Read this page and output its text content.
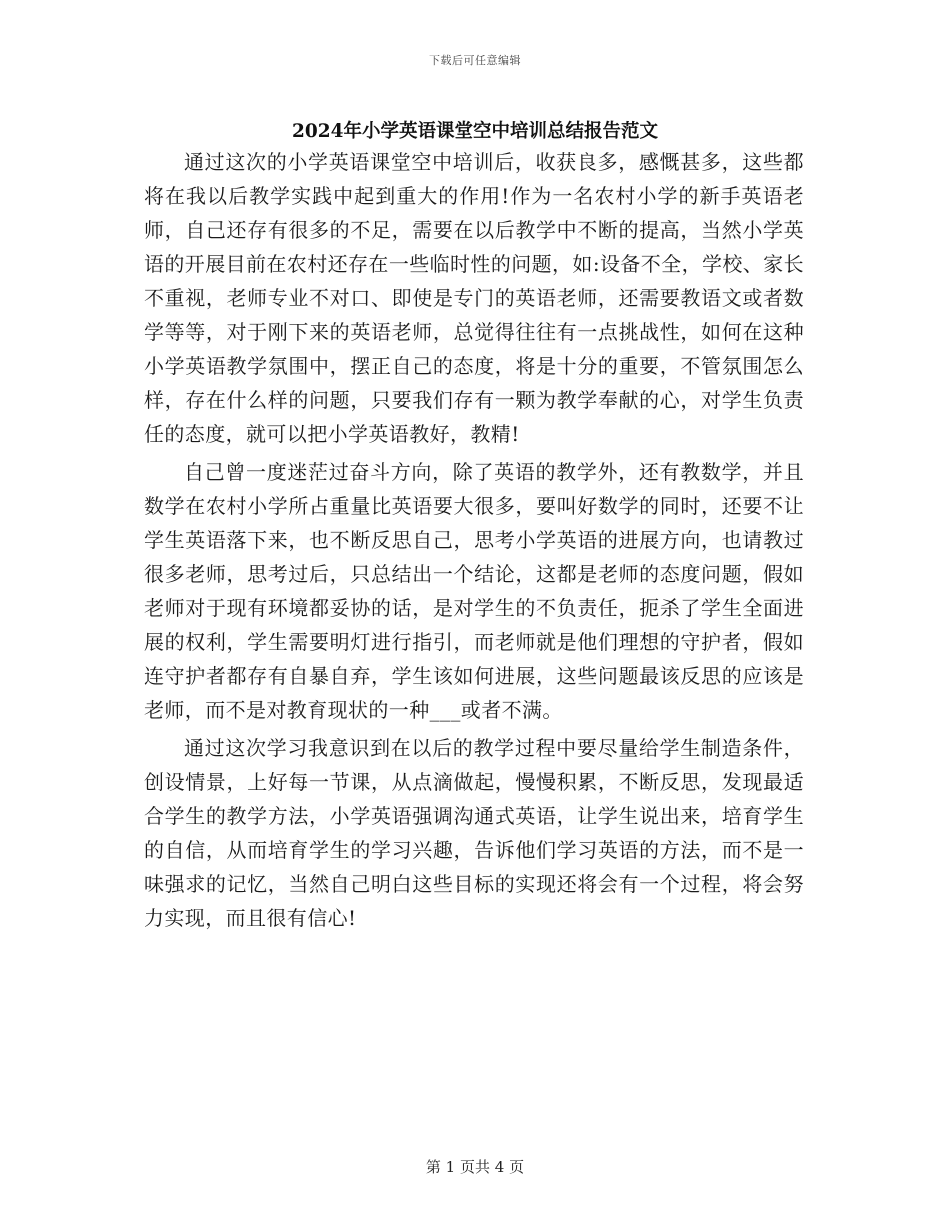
下载后可任意编辑
2024年小学英语课堂空中培训总结报告范文

通过这次的小学英语课堂空中培训后，收获良多，感慨甚多，这些都将在我以后教学实践中起到重大的作用!作为一名农村小学的新手英语老师，自己还存有很多的不足，需要在以后教学中不断的提高，当然小学英语的开展目前在农村还存在一些临时性的问题，如:设备不全，学校、家长不重视，老师专业不对口、即使是专门的英语老师，还需要教语文或者数学等等，对于刚下来的英语老师，总觉得往往有一点挑战性，如何在这种小学英语教学氛围中，摆正自己的态度，将是十分的重要，不管氛围怎么样，存在什么样的问题，只要我们存有一颗为教学奉献的心，对学生负责任的态度，就可以把小学英语教好，教精!

自己曾一度迷茫过奋斗方向，除了英语的教学外，还有教数学，并且数学在农村小学所占重量比英语要大很多，要叫好数学的同时，还要不让学生英语落下来，也不断反思自己，思考小学英语的进展方向，也请教过很多老师，思考过后，只总结出一个结论，这都是老师的态度问题，假如老师对于现有环境都妥协的话，是对学生的不负责任，扼杀了学生全面进展的权利，学生需要明灯进行指引，而老师就是他们理想的守护者，假如连守护者都存有自暴自弃，学生该如何进展，这些问题最该反思的应该是老师，而不是对教育现状的一种___或者不满。

通过这次学习我意识到在以后的教学过程中要尽量给学生制造条件，创设情景，上好每一节课，从点滴做起，慢慢积累，不断反思，发现最适合学生的教学方法，小学英语强调沟通式英语，让学生说出来，培育学生的自信，从而培育学生的学习兴趣，告诉他们学习英语的方法，而不是一味强求的记忆，当然自己明白这些目标的实现还将会有一个过程，将会努力实现，而且很有信心!

第 1 页共 4 页
